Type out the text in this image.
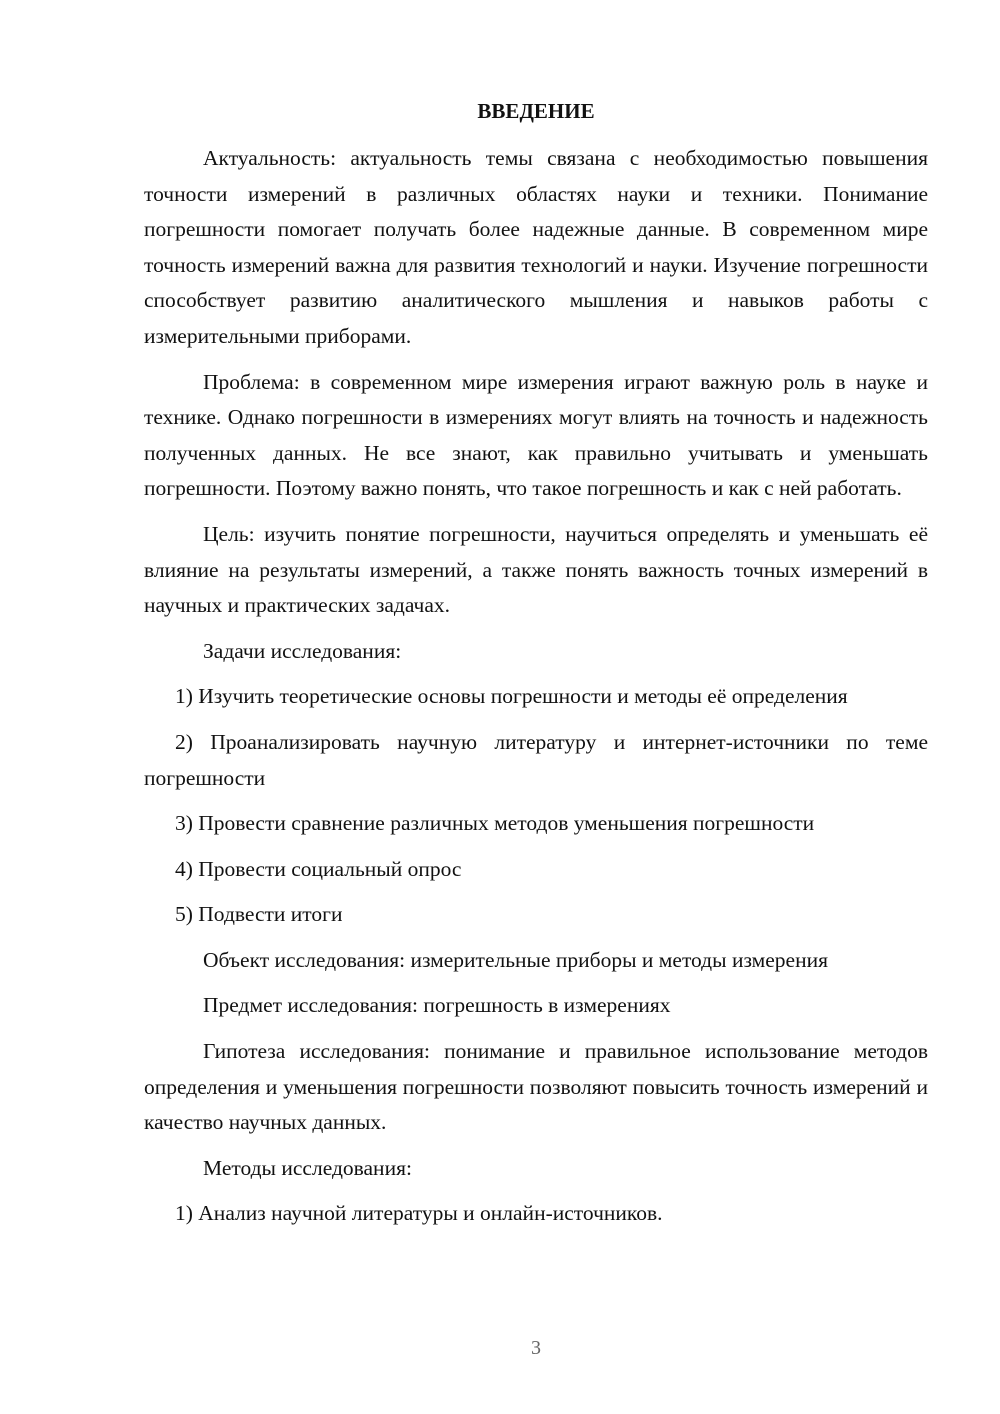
ВВЕДЕНИЕ

Актуальность: актуальность темы связана с необходимостью повышения точности измерений в различных областях науки и техники. Понимание погрешности помогает получать более надежные данные. В современном мире точность измерений важна для развития технологий и науки. Изучение погрешности способствует развитию аналитического мышления и навыков работы с измерительными приборами.

Проблема: в современном мире измерения играют важную роль в науке и технике. Однако погрешности в измерениях могут влиять на точность и надежность полученных данных. Не все знают, как правильно учитывать и уменьшать погрешности. Поэтому важно понять, что такое погрешность и как с ней работать.

Цель: изучить понятие погрешности, научиться определять и уменьшать её влияние на результаты измерений, а также понять важность точных измерений в научных и практических задачах.

Задачи исследования:

1) Изучить теоретические основы погрешности и методы её определения

2) Проанализировать научную литературу и интернет-источники по теме погрешности

3) Провести сравнение различных методов уменьшения погрешности

4) Провести социальный опрос

5) Подвести итоги

Объект исследования: измерительные приборы и методы измерения

Предмет исследования: погрешность в измерениях

Гипотеза исследования: понимание и правильное использование методов определения и уменьшения погрешности позволяют повысить точность измерений и качество научных данных.

Методы исследования:

1) Анализ научной литературы и онлайн-источников.

3
